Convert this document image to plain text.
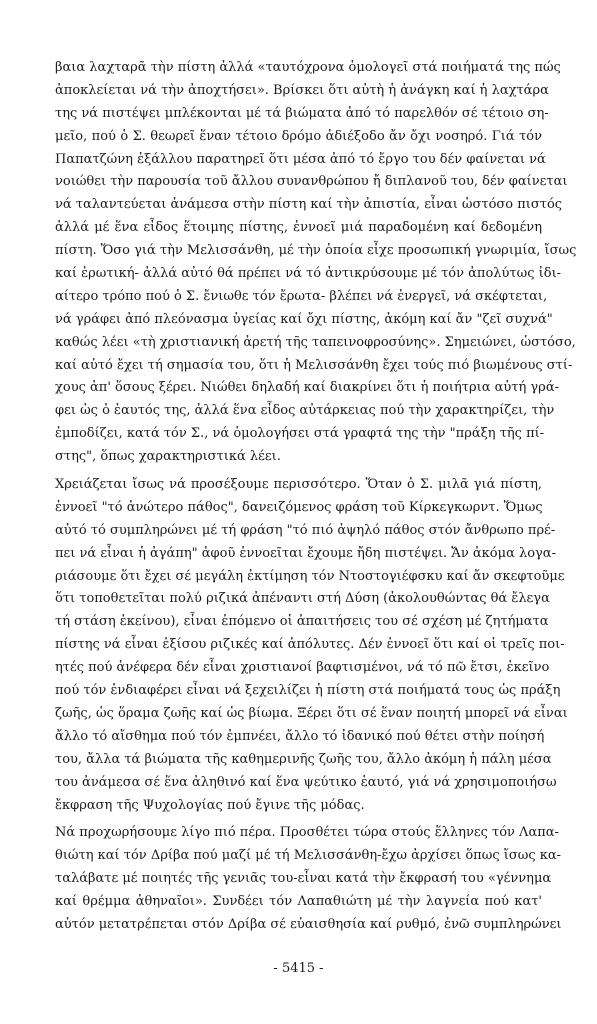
βαια λαχταρᾶ τὴν πίστη ἀλλά «ταυτόχρονα ὁμολογεῖ στά ποιήματά της πώς
ἀποκλείεται νά τὴν ἀποχτήσει». Βρίσκει ὅτι αὐτὴ ἡ ἀνάγκη καί ἡ λαχτάρα
της νά πιστέψει μπλέκονται μέ τά βιώματα ἀπό τό παρελθόν σέ τέτοιο ση-
μεῖο, πού ὁ Σ. θεωρεῖ ἕναν τέτοιο δρόμο ἀδιέξοδο ἄν ὄχι νοσηρό. Γιά τόν
Παπατζώνη ἐξάλλου παρατηρεῖ ὅτι μέσα ἀπό τό ἔργο του δέν φαίνεται νά
νοιώθει τὴν παρουσία τοῦ ἄλλου συνανθρώπου ἤ διπλανοῦ του, δέν φαίνεται
νά ταλαντεύεται ἀνάμεσα στὴν πίστη καί τὴν ἀπιστία, εἶναι ὡστόσο πιστός
ἀλλά μέ ἕνα εἶδος ἕτοιμης πίστης, ἐννοεῖ μιά παραδομένη καί δεδομένη
πίστη. Ὅσο γιά τὴν Μελισσάνθη, μέ τὴν ὁποία εἶχε προσωπική γνωριμία, ἴσως
καί ἐρωτική- ἀλλά αὐτό θά πρέπει νά τό ἀντικρύσουμε μέ τόν ἀπολύτως ἰδι-
αίτερο τρόπο πού ὁ Σ. ἔνιωθε τόν ἔρωτα- βλέπει νά ἐνεργεῖ, νά σκέφτεται,
νά γράφει ἀπό πλεόνασμα ὑγείας καί ὄχι πίστης, ἀκόμη καί ἄν "ζεῖ συχνά"
καθώς λέει «τὴ χριστιανική ἀρετή τῆς ταπεινοφροσύνης». Σημειώνει, ὡστόσο,
καί αὐτό ἔχει τή σημασία του, ὅτι ἡ Μελισσάνθη ἔχει τούς πιό βιωμένους στί-
χους ἀπ' ὅσους ξέρει. Νιώθει δηλαδή καί διακρίνει ὅτι ἡ ποιήτρια αὐτή γρά-
φει ὡς ὁ ἑαυτός της, ἀλλά ἕνα εἶδος αὐτάρκειας πού τὴν χαρακτηρίζει, τὴν
ἐμποδίζει, κατά τόν Σ., νά ὁμολογήσει στά γραφτά της τὴν "πράξη τῆς πί-
στης", ὅπως χαρακτηριστικά λέει.
Χρειάζεται ἴσως νά προσέξουμε περισσότερο. Ὅταν ὁ Σ. μιλᾶ γιά πίστη,
ἐννοεῖ "τό ἀνώτερο πάθος", δανειζόμενος φράση τοῦ Κίρκεγκωρντ. Ὅμως
αὐτό τό συμπληρώνει μέ τή φράση "τό πιό ἀψηλό πάθος στόν ἄνθρωπο πρέ-
πει νά εἶναι ἡ ἀγάπη" ἀφοῦ ἐννοεῖται ἔχουμε ἤδη πιστέψει. Ἄν ἀκόμα λογα-
ριάσουμε ὅτι ἔχει σέ μεγάλη ἐκτίμηση τόν Ντοστογιέφσκυ καί ἄν σκεφτοῦμε
ὅτι τοποθετεῖται πολύ ριζικά ἀπέναντι στή Δύση (ἀκολουθώντας θά ἔλεγα
τή στάση ἐκείνου), εἶναι ἐπόμενο οἱ ἀπαιτήσεις του σέ σχέση μέ ζητήματα
πίστης νά εἶναι ἐξίσου ριζικές καί ἀπόλυτες. Δέν ἐννοεῖ ὅτι καί οἱ τρεῖς ποι-
ητές πού ἀνέφερα δέν εἶναι χριστιανοί βαφτισμένοι, νά τό πῶ ἔτσι, ἐκεῖνο
πού τόν ἐνδιαφέρει εἶναι νά ξεχειλίζει ἡ πίστη στά ποιήματά τους ὡς πράξη
ζωῆς, ὡς ὅραμα ζωῆς καί ὡς βίωμα. Ξέρει ὅτι σέ ἕναν ποιητή μπορεῖ νά εἶναι
ἄλλο τό αἴσθημα πού τόν ἐμπνέει, ἄλλο τό ἰδανικό πού θέτει στὴν ποίησή
του, ἄλλα τά βιώματα τῆς καθημερινῆς ζωῆς του, ἄλλο ἀκόμη ἡ πάλη μέσα
του ἀνάμεσα σέ ἕνα ἀληθινό καί ἕνα ψεύτικο ἑαυτό, γιά νά χρησιμοποιήσω
ἔκφραση τῆς Ψυχολογίας πού ἔγινε τῆς μόδας.
Νά προχωρήσουμε λίγο πιό πέρα. Προσθέτει τώρα στούς ἕλληνες τόν Λαπα-
θιώτη καί τόν Δρίβα πού μαζί μέ τή Μελισσάνθη-ἔχω ἀρχίσει ὅπως ἴσως κα-
ταλάβατε μέ ποιητές τῆς γενιᾶς του-εἶναι κατά τὴν ἔκφρασή του «γέννημα
καί θρέμμα ἀθηναῖοι». Συνδέει τόν Λαπαθιώτη μέ τὴν λαγνεία πού κατ'
αὐτόν μετατρέπεται στόν Δρίβα σέ εὐαισθησία καί ρυθμό, ἐνῶ συμπληρώνει
- 5415 -
